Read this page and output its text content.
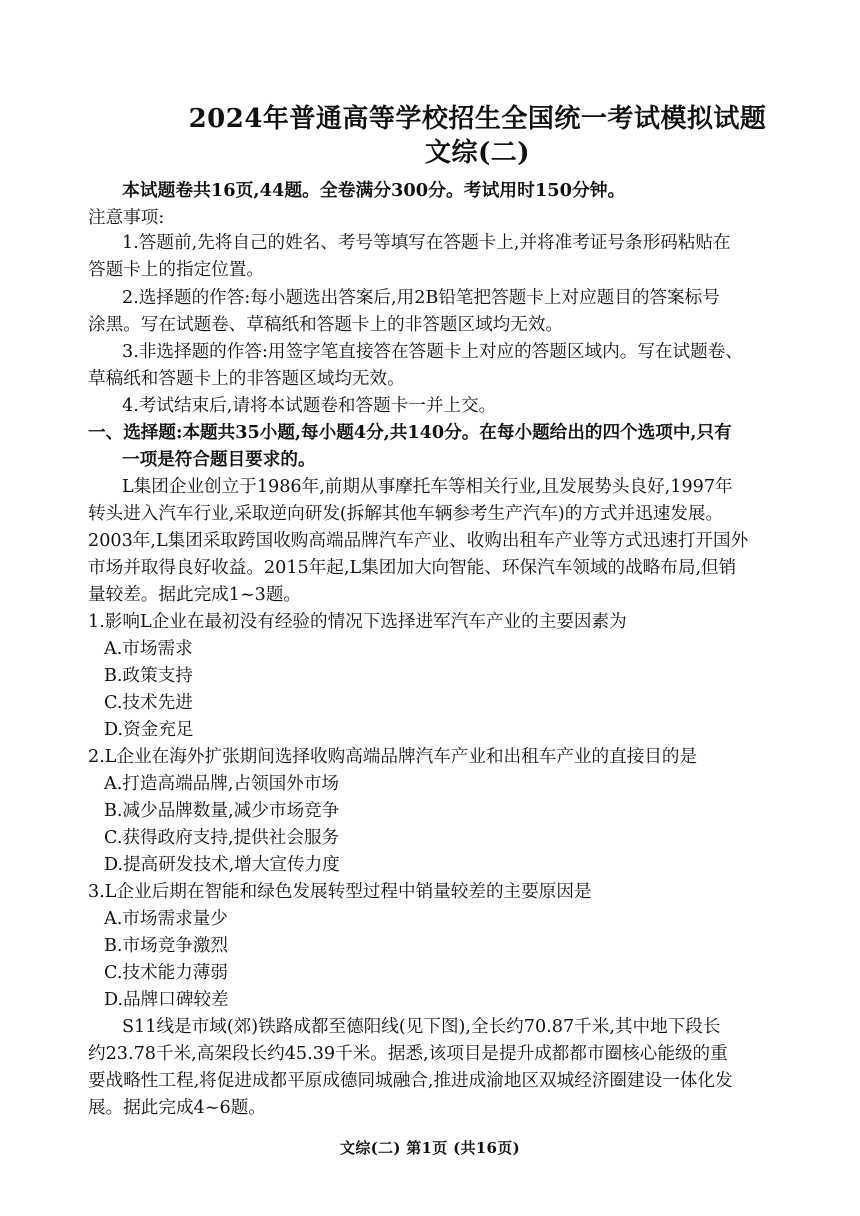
2024年普通高等学校招生全国统一考试模拟试题
文综(二)
本试题卷共16页,44题。全卷满分300分。考试用时150分钟。
注意事项:
1.答题前,先将自己的姓名、考号等填写在答题卡上,并将准考证号条形码粘贴在
答题卡上的指定位置。
2.选择题的作答:每小题选出答案后,用2B铅笔把答题卡上对应题目的答案标号
涂黑。写在试题卷、草稿纸和答题卡上的非答题区域均无效。
3.非选择题的作答:用签字笔直接答在答题卡上对应的答题区域内。写在试题卷、
草稿纸和答题卡上的非答题区域均无效。
4.考试结束后,请将本试题卷和答题卡一并上交。
一、选择题:本题共35小题,每小题4分,共140分。在每小题给出的四个选项中,只有
一项是符合题目要求的。
L集团企业创立于1986年,前期从事摩托车等相关行业,且发展势头良好,1997年
转头进入汽车行业,采取逆向研发(拆解其他车辆参考生产汽车)的方式并迅速发展。
2003年,L集团采取跨国收购高端品牌汽车产业、收购出租车产业等方式迅速打开国外
市场并取得良好收益。2015年起,L集团加大向智能、环保汽车领域的战略布局,但销
量较差。据此完成1~3题。
1.影响L企业在最初没有经验的情况下选择进军汽车产业的主要因素为
A.市场需求
B.政策支持
C.技术先进
D.资金充足
2.L企业在海外扩张期间选择收购高端品牌汽车产业和出租车产业的直接目的是
A.打造高端品牌,占领国外市场
B.减少品牌数量,减少市场竞争
C.获得政府支持,提供社会服务
D.提高研发技术,增大宣传力度
3.L企业后期在智能和绿色发展转型过程中销量较差的主要原因是
A.市场需求量少
B.市场竞争激烈
C.技术能力薄弱
D.品牌口碑较差
S11线是市域(郊)铁路成都至德阳线(见下图),全长约70.87千米,其中地下段长
约23.78千米,高架段长约45.39千米。据悉,该项目是提升成都都市圈核心能级的重
要战略性工程,将促进成都平原成德同城融合,推进成渝地区双城经济圈建设一体化发
展。据此完成4~6题。
文综(二) 第1页 (共16页)
